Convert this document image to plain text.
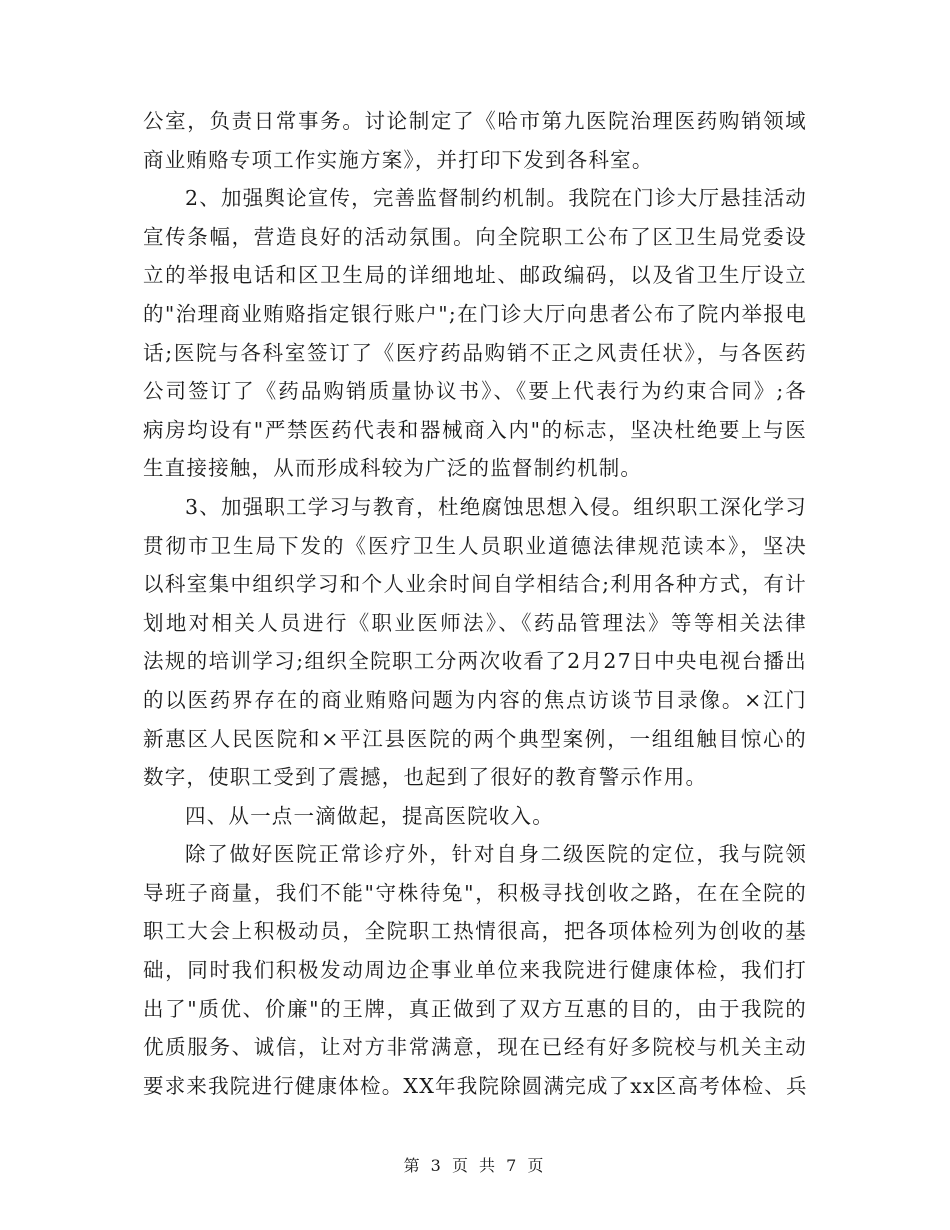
公室，负责日常事务。讨论制定了《哈市第九医院治理医药购销领域
商业贿赂专项工作实施方案》，并打印下发到各科室。
2、加强舆论宣传，完善监督制约机制。我院在门诊大厅悬挂活动
宣传条幅，营造良好的活动氛围。向全院职工公布了区卫生局党委设
立的举报电话和区卫生局的详细地址、邮政编码，以及省卫生厅设立
的"治理商业贿赂指定银行账户";在门诊大厅向患者公布了院内举报电
话;医院与各科室签订了《医疗药品购销不正之风责任状》，与各医药
公司签订了《药品购销质量协议书》、《要上代表行为约束合同》;各
病房均设有"严禁医药代表和器械商入内"的标志，坚决杜绝要上与医
生直接接触，从而形成科较为广泛的监督制约机制。
3、加强职工学习与教育，杜绝腐蚀思想入侵。组织职工深化学习
贯彻市卫生局下发的《医疗卫生人员职业道德法律规范读本》，坚决
以科室集中组织学习和个人业余时间自学相结合;利用各种方式，有计
划地对相关人员进行《职业医师法》、《药品管理法》等等相关法律
法规的培训学习;组织全院职工分两次收看了2月27日中央电视台播出
的以医药界存在的商业贿赂问题为内容的焦点访谈节目录像。×江门
新惠区人民医院和×平江县医院的两个典型案例，一组组触目惊心的
数字，使职工受到了震撼，也起到了很好的教育警示作用。
四、从一点一滴做起，提高医院收入。
除了做好医院正常诊疗外，针对自身二级医院的定位，我与院领
导班子商量，我们不能"守株待兔"，积极寻找创收之路，在在全院的
职工大会上积极动员，全院职工热情很高，把各项体检列为创收的基
础，同时我们积极发动周边企事业单位来我院进行健康体检，我们打
出了"质优、价廉"的王牌，真正做到了双方互惠的目的，由于我院的
优质服务、诚信，让对方非常满意，现在已经有好多院校与机关主动
要求来我院进行健康体检。XX年我院除圆满完成了xx区高考体检、兵
第 3 页 共 7 页
